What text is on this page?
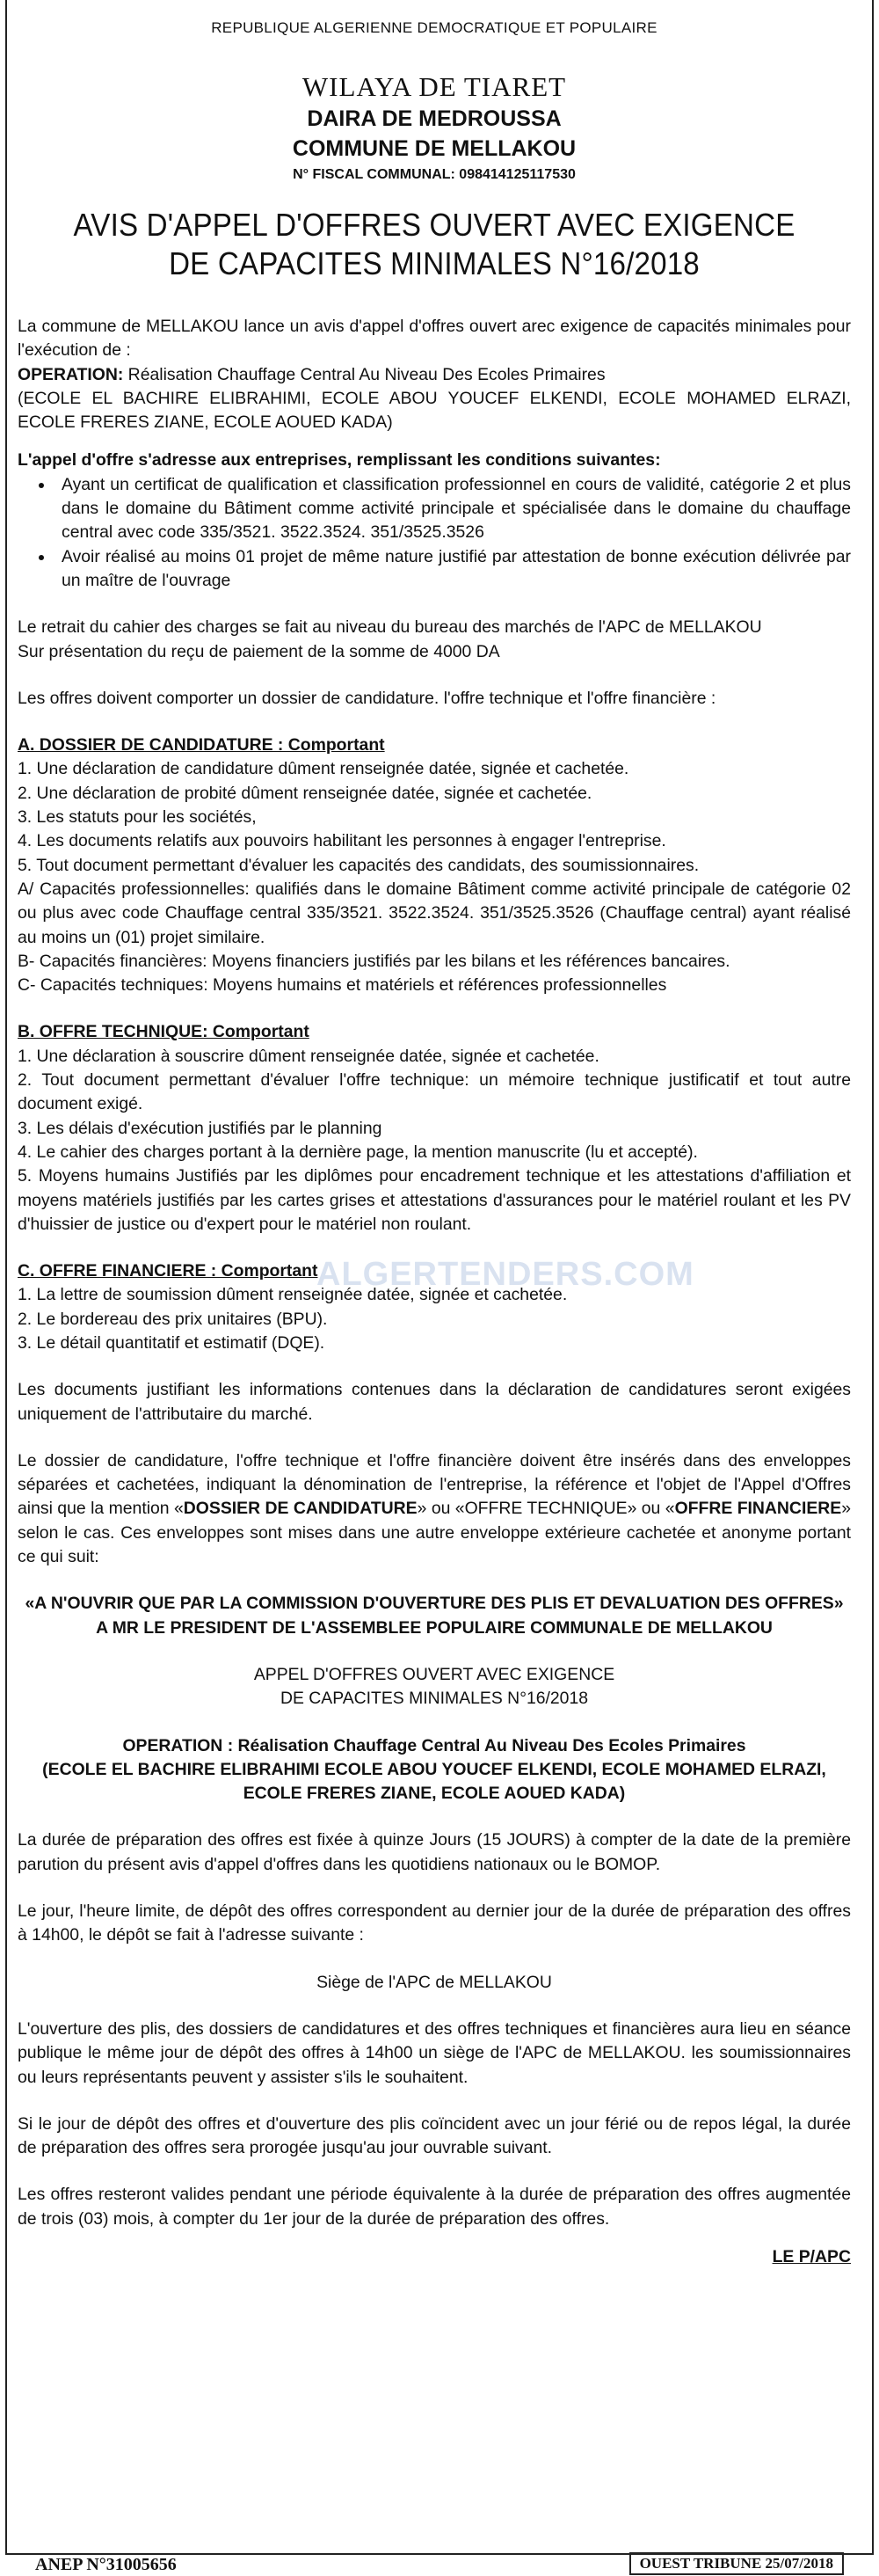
ALGERTENDERS.COM
REPUBLIQUE ALGERIENNE DEMOCRATIQUE ET POPULAIRE
WILAYA DE TIARET
DAIRA DE MEDROUSSA
COMMUNE DE MELLAKOU
N° FISCAL COMMUNAL: 098414125117530
AVIS D'APPEL D'OFFRES OUVERT AVEC EXIGENCE
DE CAPACITES MINIMALES N°16/2018

La commune de MELLAKOU lance un avis d'appel d'offres ouvert arec exigence de capacités minimales pour l'exécution de :

OPERATION: Réalisation Chauffage Central Au Niveau Des Ecoles Primaires

(ECOLE EL BACHIRE ELIBRAHIMI, ECOLE ABOU YOUCEF ELKENDI, ECOLE MOHAMED ELRAZI, ECOLE FRERES ZIANE, ECOLE AOUED KADA)

L'appel d'offre s'adresse aux entreprises, remplissant les conditions suivantes:

• Ayant un certificat de qualification et classification professionnel en cours de validité, catégorie 2 et plus dans le domaine du Bâtiment comme activité principale et spécialisée dans le domaine du chauffage central avec code 335/3521. 3522.3524. 351/3525.3526
• Avoir réalisé au moins 01 projet de même nature justifié par attestation de bonne exécution délivrée par un maître de l'ouvrage

Le retrait du cahier des charges se fait au niveau du bureau des marchés de l'APC de MELLAKOU

Sur présentation du reçu de paiement de la somme de 4000 DA

Les offres doivent comporter un dossier de candidature. l'offre technique et l'offre financière :

A. DOSSIER DE CANDIDATURE : Comportant

1. Une déclaration de candidature dûment renseignée datée, signée et cachetée.

2. Une déclaration de probité dûment renseignée datée, signée et cachetée.

3. Les statuts pour les sociétés,

4. Les documents relatifs aux pouvoirs habilitant les personnes à engager l'entreprise.

5. Tout document permettant d'évaluer les capacités des candidats, des soumissionnaires.

A/ Capacités professionnelles: qualifiés dans le domaine Bâtiment comme activité principale de catégorie 02 ou plus avec code Chauffage central 335/3521. 3522.3524. 351/3525.3526 (Chauffage central) ayant réalisé au moins un (01) projet similaire.

B- Capacités financières: Moyens financiers justifiés par les bilans et les références bancaires.

C- Capacités techniques: Moyens humains et matériels et références professionnelles

B. OFFRE TECHNIQUE: Comportant

1. Une déclaration à souscrire dûment renseignée datée, signée et cachetée.

2. Tout document permettant d'évaluer l'offre technique: un mémoire technique justificatif et tout autre document exigé.

3. Les délais d'exécution justifiés par le planning

4. Le cahier des charges portant à la dernière page, la mention manuscrite (lu et accepté).

5. Moyens humains Justifiés par les diplômes pour encadrement technique et les attestations d'affiliation et moyens matériels justifiés par les cartes grises et attestations d'assurances pour le matériel roulant et les PV d'huissier de justice ou d'expert pour le matériel non roulant.

C. OFFRE FINANCIERE : Comportant

1. La lettre de soumission dûment renseignée datée, signée et cachetée.

2. Le bordereau des prix unitaires (BPU).

3. Le détail quantitatif et estimatif (DQE).

Les documents justifiant les informations contenues dans la déclaration de candidatures seront exigées uniquement de l'attributaire du marché.

Le dossier de candidature, l'offre technique et l'offre financière doivent être insérés dans des enveloppes séparées et cachetées, indiquant la dénomination de l'entreprise, la référence et l'objet de l'Appel d'Offres ainsi que la mention «DOSSIER DE CANDIDATURE» ou «OFFRE TECHNIQUE» ou «OFFRE FINANCIERE» selon le cas. Ces enveloppes sont mises dans une autre enveloppe extérieure cachetée et anonyme portant ce qui suit:

«A N'OUVRIR QUE PAR LA COMMISSION D'OUVERTURE DES PLIS ET DEVALUATION DES OFFRES»

A MR LE PRESIDENT DE L'ASSEMBLEE POPULAIRE COMMUNALE DE MELLAKOU

APPEL D'OFFRES OUVERT AVEC EXIGENCE

DE CAPACITES MINIMALES N°16/2018

OPERATION : Réalisation Chauffage Central Au Niveau Des Ecoles Primaires

(ECOLE EL BACHIRE ELIBRAHIMI ECOLE ABOU YOUCEF ELKENDI, ECOLE MOHAMED ELRAZI, ECOLE FRERES ZIANE, ECOLE AOUED KADA)

La durée de préparation des offres est fixée à quinze Jours (15 JOURS) à compter de la date de la première parution du présent avis d'appel d'offres dans les quotidiens nationaux ou le BOMOP.

Le jour, l'heure limite, de dépôt des offres correspondent au dernier jour de la durée de préparation des offres à 14h00, le dépôt se fait à l'adresse suivante :

Siège de l'APC de MELLAKOU

L'ouverture des plis, des dossiers de candidatures et des offres techniques et financières aura lieu en séance publique le même jour de dépôt des offres à 14h00 un siège de l'APC de MELLAKOU. les soumissionnaires ou leurs représentants peuvent y assister s'ils le souhaitent.

Si le jour de dépôt des offres et d'ouverture des plis coïncident avec un jour férié ou de repos légal, la durée de préparation des offres sera prorogée jusqu'au jour ouvrable suivant.

Les offres resteront valides pendant une période équivalente à la durée de préparation des offres augmentée de trois (03) mois, à compter du 1er jour de la durée de préparation des offres.

LE P/APC

ANEP N°31005656	OUEST TRIBUNE 25/07/2018
